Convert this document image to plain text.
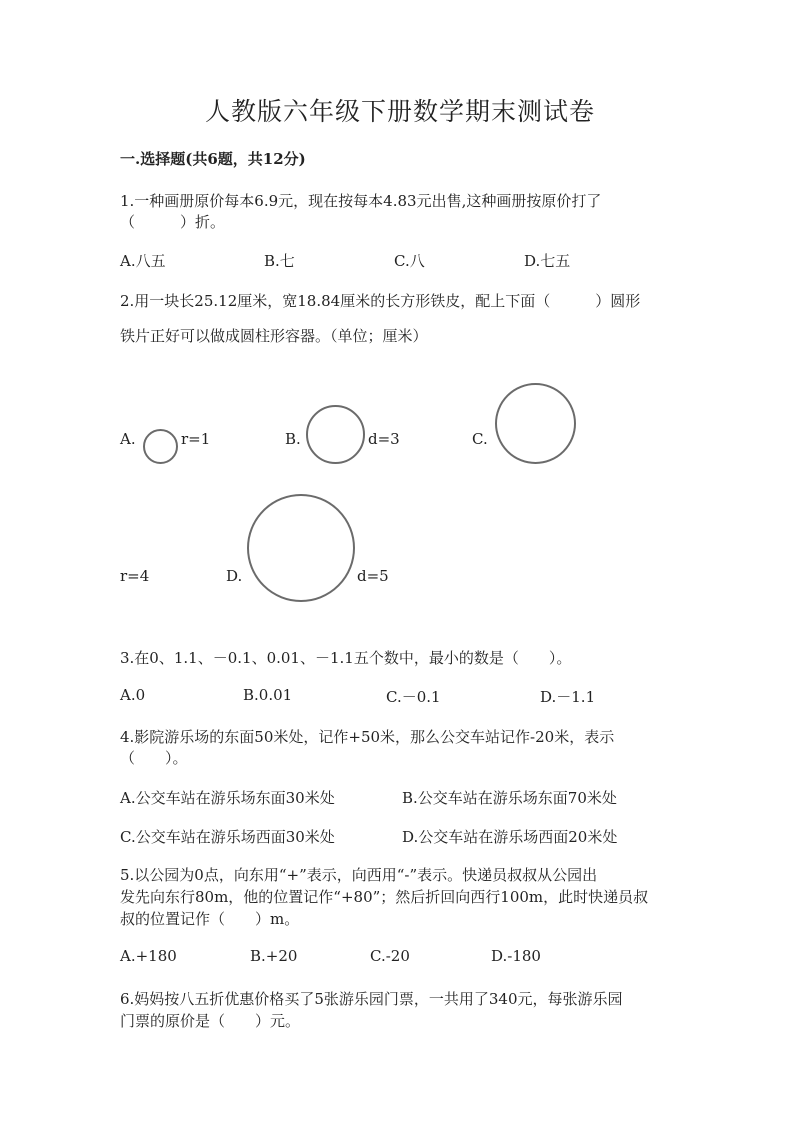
人教版六年级下册数学期末测试卷
一.选择题(共6题，共12分)
1.一种画册原价每本6.9元，现在按每本4.83元出售,这种画册按原价打了
（　　　）折。
A.八五	B.七	C.八	D.七五
2.用一块长25.12厘米，宽18.84厘米的长方形铁皮，配上下面（　　　）圆形
铁片正好可以做成圆柱形容器。（单位；厘米）
A.	r=1	B.	d=3	C.
r=4	D.	d=5
3.在0、1.1、－0.1、0.01、－1.1五个数中，最小的数是（　　）。
A.0	B.0.01	C.－0.1	D.－1.1
4.影院游乐场的东面50米处，记作+50米，那么公交车站记作-20米，表示
（　　）。
A.公交车站在游乐场东面30米处	B.公交车站在游乐场东面70米处
C.公交车站在游乐场西面30米处	D.公交车站在游乐场西面20米处
5.以公园为0点，向东用“+”表示，向西用“-”表示。快递员叔叔从公园出
发先向东行80m，他的位置记作“+80”；然后折回向西行100m，此时快递员叔
叔的位置记作（　　）m。
A.+180	B.+20	C.-20	D.-180
6.妈妈按八五折优惠价格买了5张游乐园门票，一共用了340元，每张游乐园
门票的原价是（　　）元。
